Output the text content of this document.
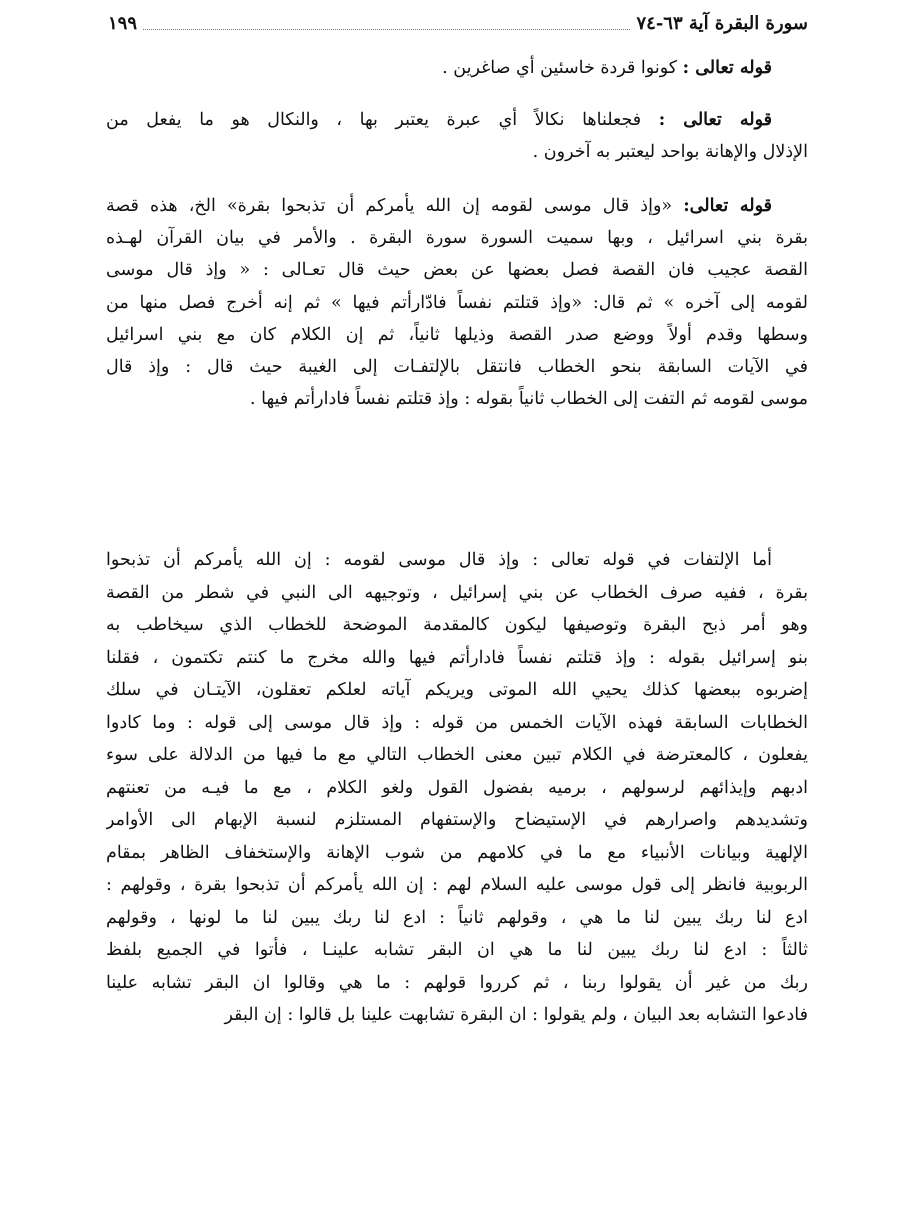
سورة البقرة آية ٦٣-٧٤
١٩٩
قوله تعالى : كونوا قردة خاسئين أي صاغرين .
قوله تعالى : فجعلناها نكالاً أي عبرة يعتبر بها ، والنكال هو ما يفعل من
الإذلال والإهانة بواحد ليعتبر به آخرون .
قوله تعالى: «وإذ قال موسى لقومه إن الله يأمركم أن تذبحوا بقرة» الخ، هذه قصة
بقرة بني اسرائيل ، وبها سميت السورة سورة البقرة . والأمر في بيان القرآن لهـذه
القصة عجيب فان القصة فصل بعضها عن بعض حيث قال تعـالى : « وإذ قال موسى
لقومه إلى آخره » ثم قال: «وإذ قتلتم نفساً فادّارأتم فيها » ثم إنه أخرج فصل منها من
وسطها وقدم أولاً ووضع صدر القصة وذيلها ثانياً، ثم إن الكلام كان مع بني اسرائيل
في الآيات السابقة بنحو الخطاب فانتقل بالإلتفـات إلى الغيبة حيث قال : وإذ قال
موسى لقومه ثم التفت إلى الخطاب ثانياً بقوله : وإذ قتلتم نفساً فادارأتم فيها .
أما الإلتفات في قوله تعالى : وإذ قال موسى لقومه : إن الله يأمركم أن تذبحوا
بقرة ، ففيه صرف الخطاب عن بني إسرائيل ، وتوجيهه الى النبي في شطر من القصة
وهو أمر ذبح البقرة وتوصيفها ليكون كالمقدمة الموضحة للخطاب الذي سيخاطب به
بنو إسرائيل بقوله : وإذ قتلتم نفساً فادارأتم فيها والله مخرج ما كنتم تكتمون ، فقلنا
إضربوه ببعضها كذلك يحيي الله الموتى ويريكم آياته لعلكم تعقلون، الآيتـان في سلك
الخطابات السابقة فهذه الآيات الخمس من قوله : وإذ قال موسى إلى قوله : وما كادوا
يفعلون ، كالمعترضة في الكلام تبين معنى الخطاب التالي مع ما فيها من الدلالة على سوء
ادبهم وإيذائهم لرسولهم ، برميه بفضول القول ولغو الكلام ، مع ما فيـه من تعنتهم
وتشديدهم واصرارهم في الإستيضاح والإستفهام المستلزم لنسبة الإبهام الى الأوامر
الإلهية وبيانات الأنبياء مع ما في كلامهم من شوب الإهانة والإستخفاف الظاهر بمقام
الربوبية فانظر إلى قول موسى عليه السلام لهم : إن الله يأمركم أن تذبحوا بقرة ، وقولهم :
ادع لنا ربك يبين لنا ما هي ، وقولهم ثانياً : ادع لنا ربك يبين لنا ما لونها ، وقولهم
ثالثاً : ادع لنا ربك يبين لنا ما هي ان البقر تشابه علينـا ، فأتوا في الجميع بلفظ
ربك من غير أن يقولوا ربنا ، ثم كرروا قولهم : ما هي وقالوا ان البقر تشابه علينا
فادعوا التشابه بعد البيان ، ولم يقولوا : ان البقرة تشابهت علينا بل قالوا : إن البقر
